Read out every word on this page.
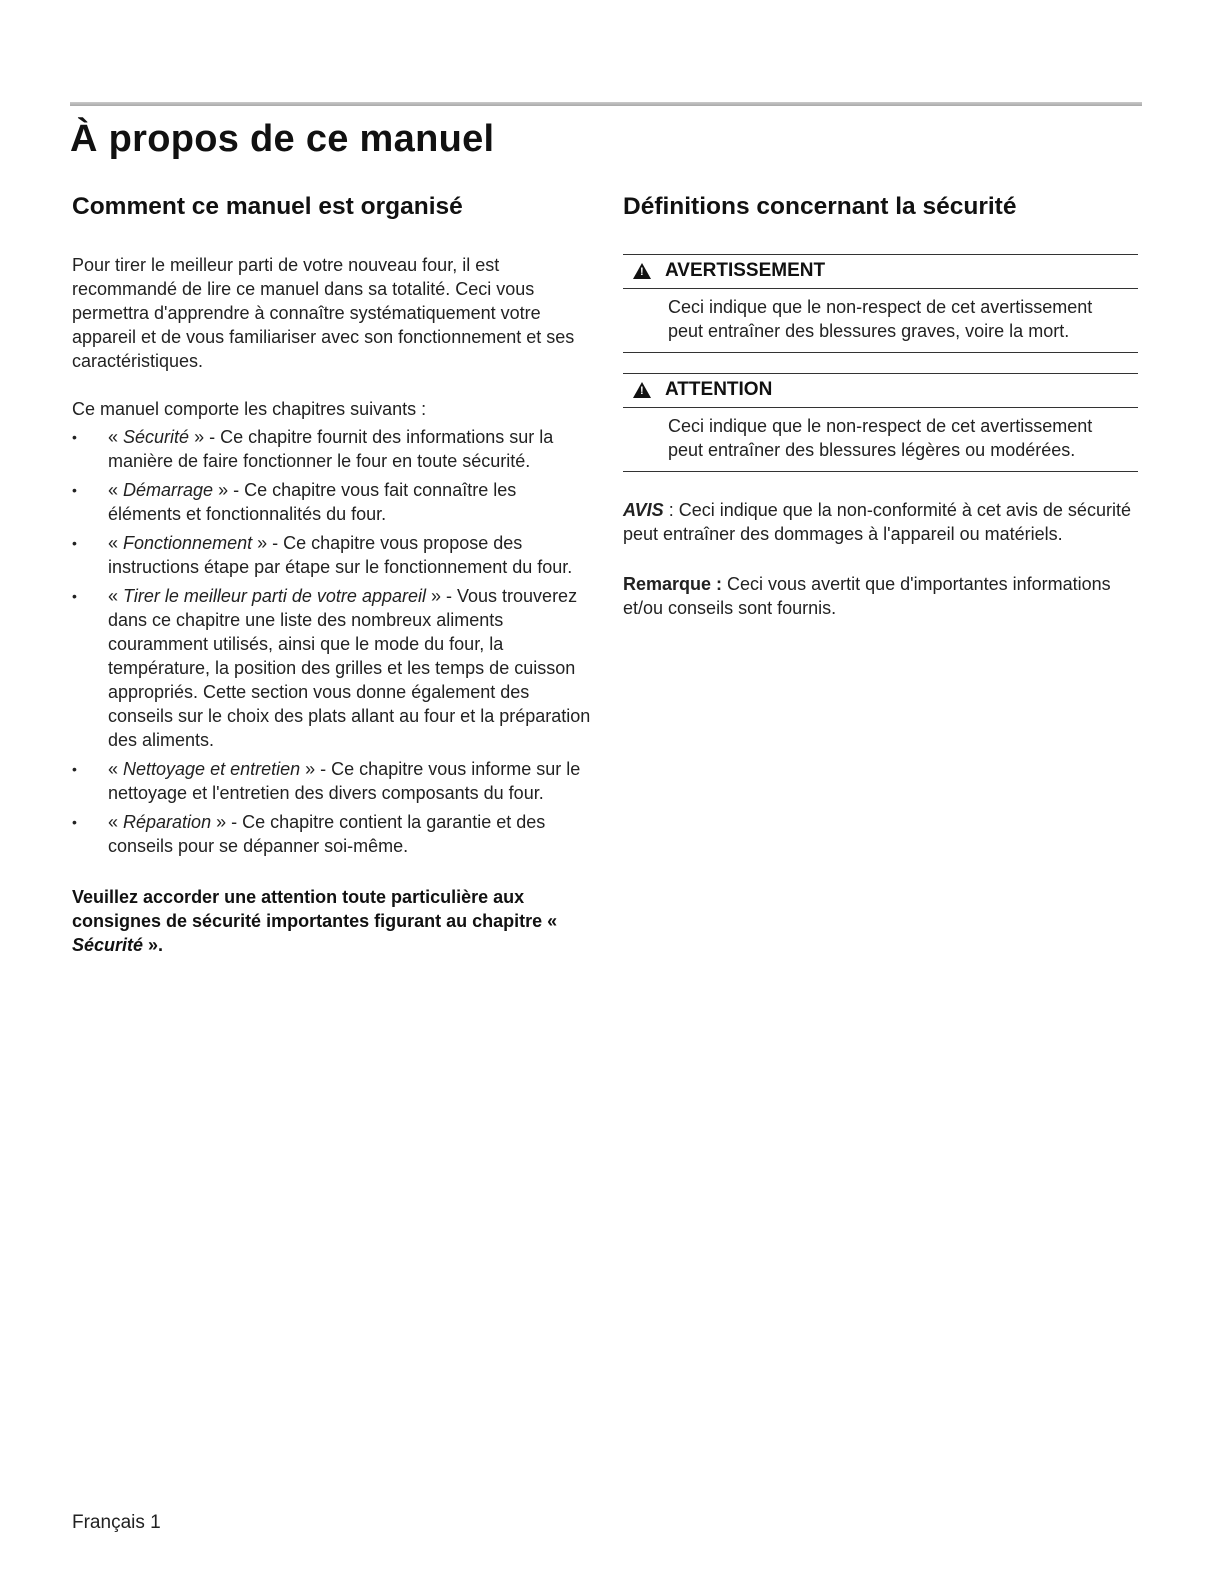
À propos de ce manuel
Comment ce manuel est organisé

Pour tirer le meilleur parti de votre nouveau four, il est recommandé de lire ce manuel dans sa totalité. Ceci vous permettra d'apprendre à connaître systématiquement votre appareil et de vous familiariser avec son fonctionnement et ses caractéristiques.

Ce manuel comporte les chapitres suivants :

• « Sécurité » - Ce chapitre fournit des informations sur la manière de faire fonctionner le four en toute sécurité.
• « Démarrage » - Ce chapitre vous fait connaître les éléments et fonctionnalités du four.
• « Fonctionnement » - Ce chapitre vous propose des instructions étape par étape sur le fonctionnement du four.
• « Tirer le meilleur parti de votre appareil » - Vous trouverez dans ce chapitre une liste des nombreux aliments couramment utilisés, ainsi que le mode du four, la température, la position des grilles et les temps de cuisson appropriés. Cette section vous donne également des conseils sur le choix des plats allant au four et la préparation des aliments.
• « Nettoyage et entretien » - Ce chapitre vous informe sur le nettoyage et l'entretien des divers composants du four.
• « Réparation » - Ce chapitre contient la garantie et des conseils pour se dépanner soi-même.

Veuillez accorder une attention toute particulière aux consignes de sécurité importantes figurant au chapitre « Sécurité ».

Définitions concernant la sécurité
!
AVERTISSEMENT

Ceci indique que le non-respect de cet avertissement peut entraîner des blessures graves, voire la mort.

!
ATTENTION

Ceci indique que le non-respect de cet avertissement peut entraîner des blessures légères ou modérées.

AVIS : Ceci indique que la non-conformité à cet avis de sécurité peut entraîner des dommages à l'appareil ou matériels.

Remarque : Ceci vous avertit que d'importantes informations et/ou conseils sont fournis.

Français 1
